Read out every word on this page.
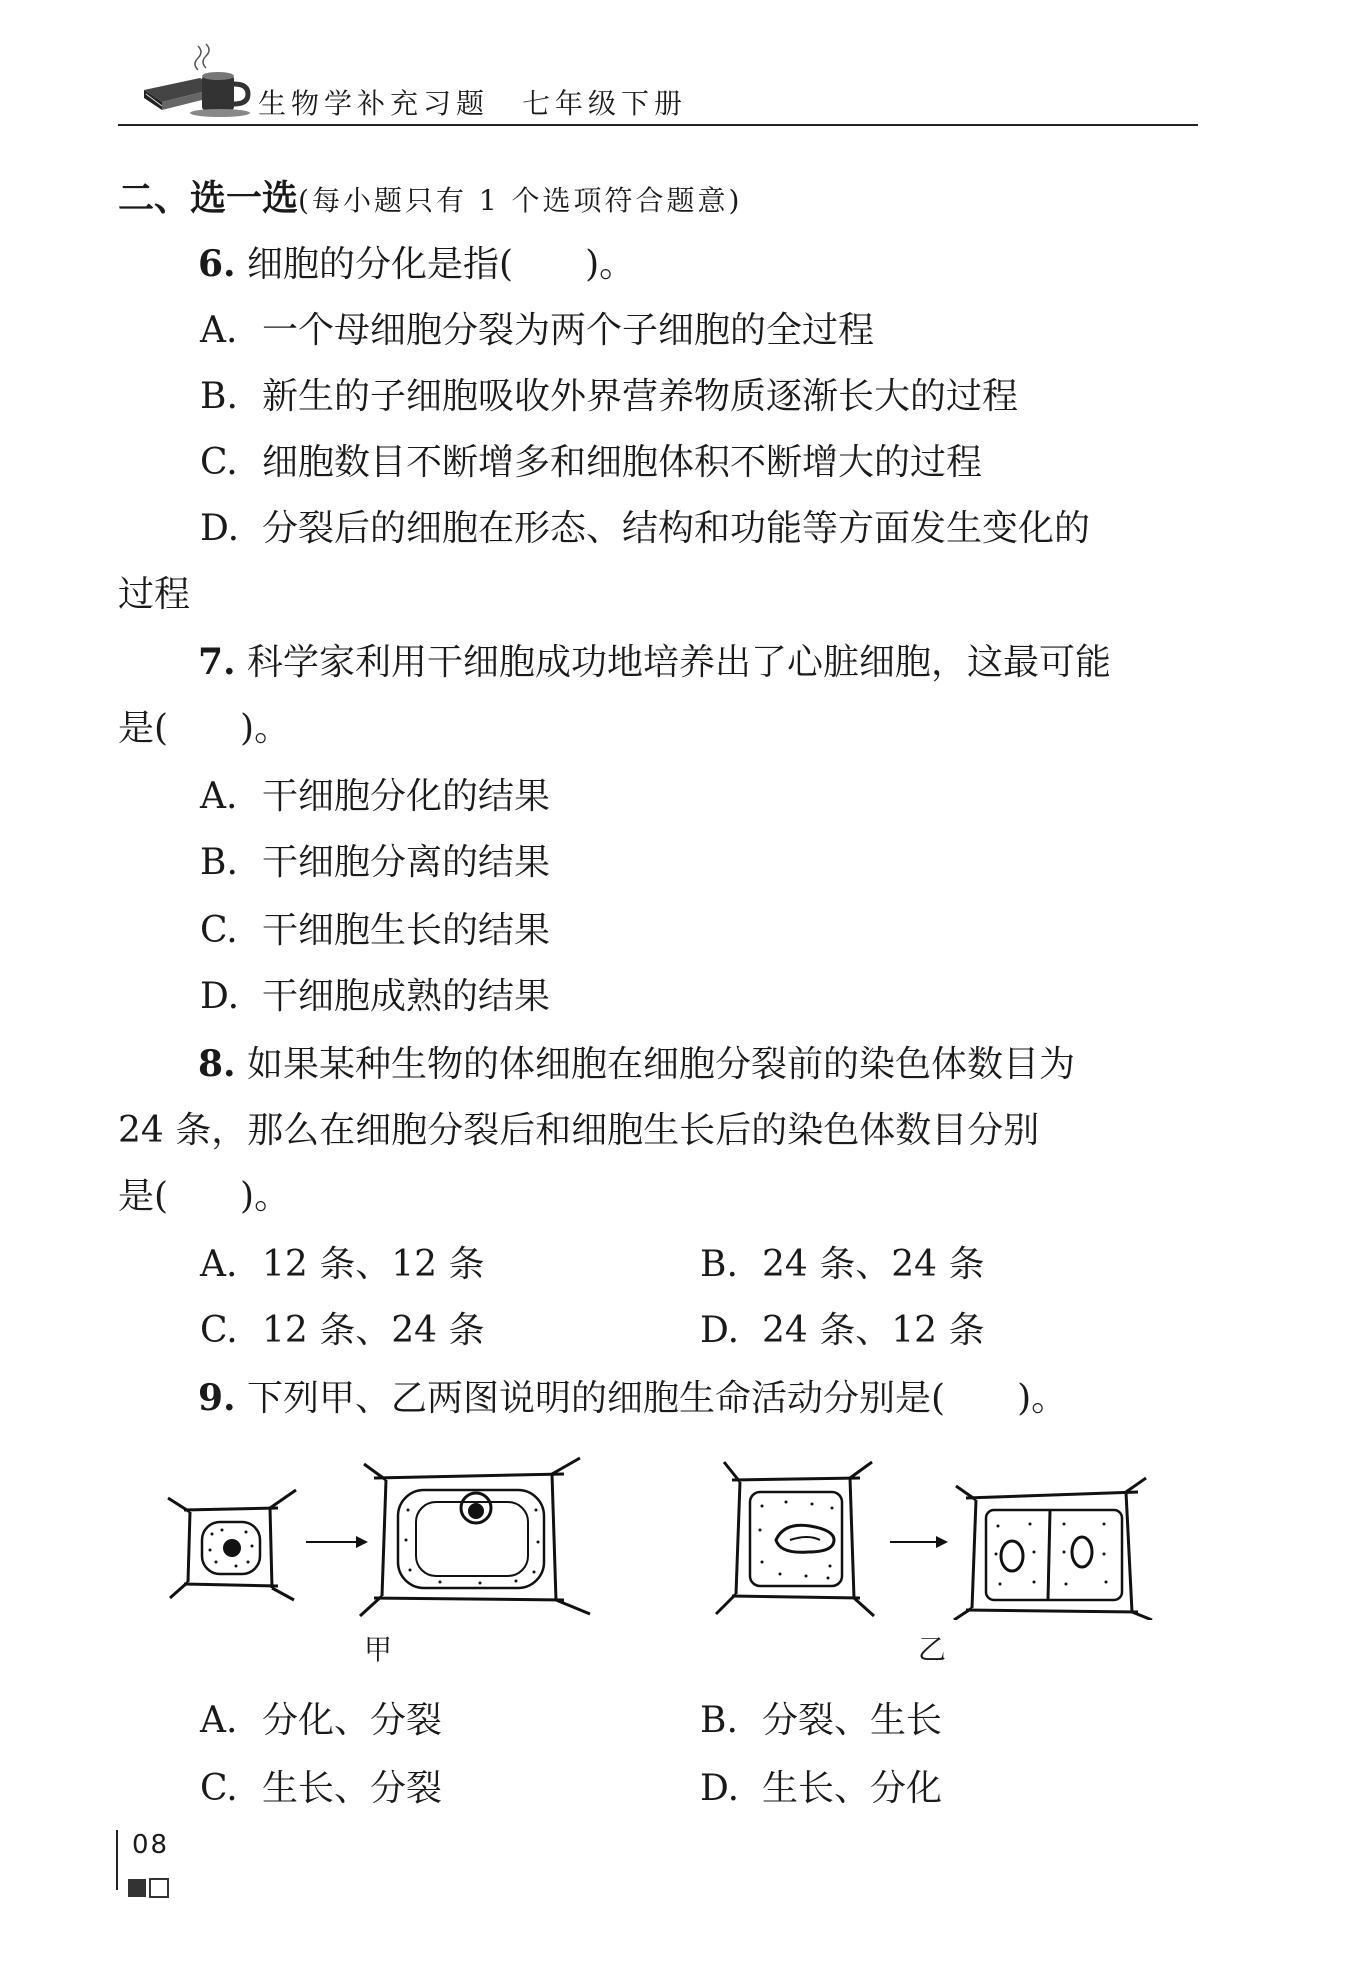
生物学补充习题　七年级下册
二、选一选(每小题只有 1 个选项符合题意)
6. 细胞的分化是指(　　)。
A. 一个母细胞分裂为两个子细胞的全过程
B. 新生的子细胞吸收外界营养物质逐渐长大的过程
C. 细胞数目不断增多和细胞体积不断增大的过程
D. 分裂后的细胞在形态、结构和功能等方面发生变化的
过程
7. 科学家利用干细胞成功地培养出了心脏细胞，这最可能
是(　　)。
A. 干细胞分化的结果
B. 干细胞分离的结果
C. 干细胞生长的结果
D. 干细胞成熟的结果
8. 如果某种生物的体细胞在细胞分裂前的染色体数目为
24 条，那么在细胞分裂后和细胞生长后的染色体数目分别
是(　　)。
A. 12 条、12 条	B. 24 条、24 条
C. 12 条、24 条	D. 24 条、12 条
9. 下列甲、乙两图说明的细胞生命活动分别是(　　)。
甲	乙
A. 分化、分裂	B. 分裂、生长
C. 生长、分裂	D. 生长、分化
08
